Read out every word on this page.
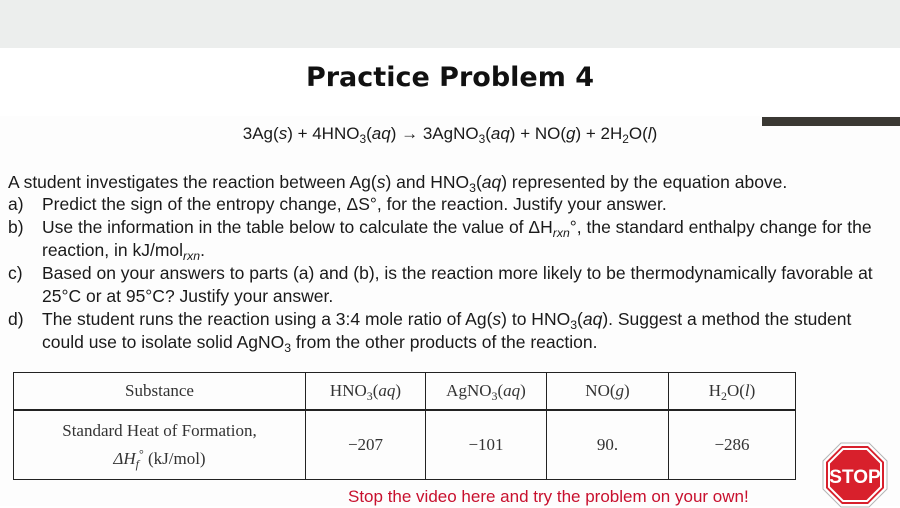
Practice Problem 4
$3Ag(s) + 4HNO_3(aq)$ → 3AgNO$_3$(aq) + $NO(g) + 2H_2O(l)$
A student investigates the reaction between Ag(s) and $HNO_3(aq)$ represented by the equation above.
a) Predict the sign of the entropy change, ΔS°, for the reaction. Justify your answer.
b) Use the information in the table below to calculate the value of $\Delta H_{rxn}^\circ$, the standard enthalpy change for the reaction, in kJ/mol$_{rxn}$.
c) Based on your answers to parts (a) and (b), is the reaction more likely to be thermodynamically favorable at 25°C or at 95°C? Justify your answer.
d) The student runs the reaction using a 3:4 mole ratio of Ag(s) to $HNO_3(aq)$. Suggest a method the student could use to isolate solid AgNO$_3$ from the other products of the reaction.
Substance	$HNO_3(aq)$	AgNO$_3$(aq)	NO(g)	$H_2O(l)$

Standard Heat of Formation,
$\Delta H_f^\circ$ (kJ/mol)	−207	−101	90.	−286
Stop the video here and try the problem on your own!
STOP
